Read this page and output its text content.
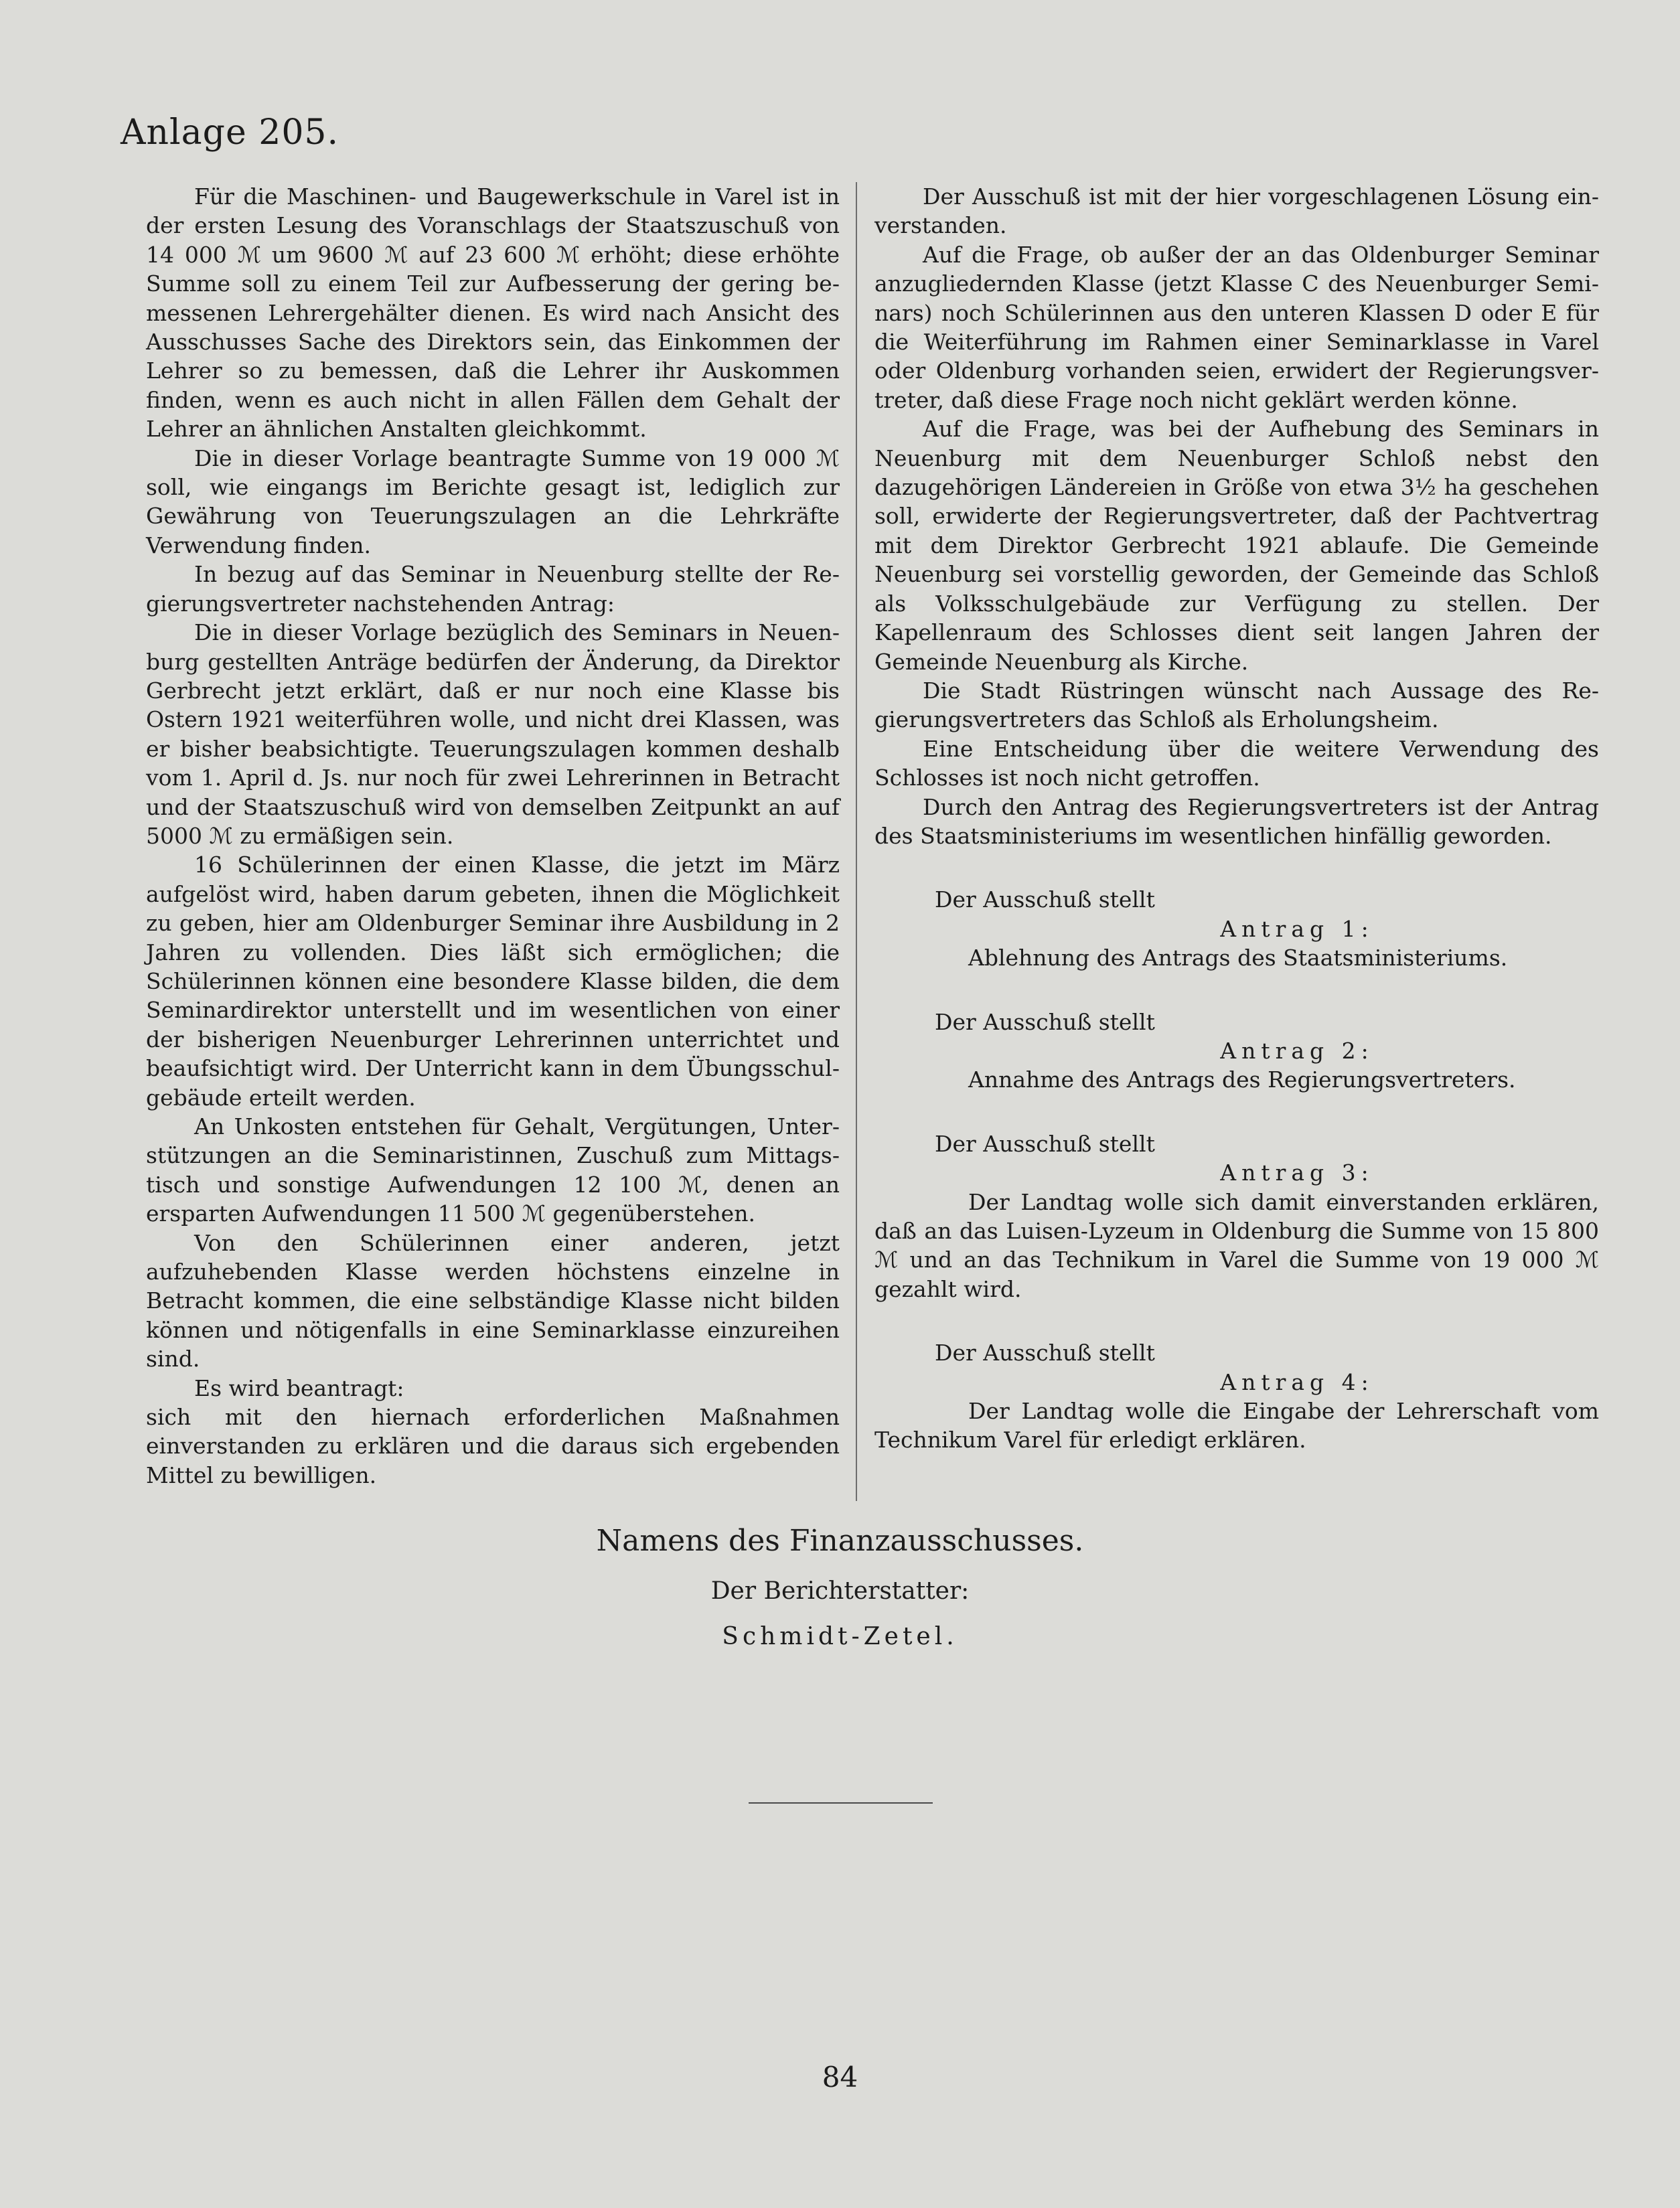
Anlage 205.

Für die Maschinen- und Baugewerkschule in Varel ist in der ersten Lesung des Voranschlags der Staatszuschuß von 14 000 ℳ um 9600 ℳ auf 23 600 ℳ erhöht; diese erhöhte Summe soll zu einem Teil zur Aufbesserung der gering bemessenen Lehrergehälter dienen. Es wird nach Ansicht des Ausschusses Sache des Direktors sein, das Einkommen der Lehrer so zu bemessen, daß die Lehrer ihr Auskommen finden, wenn es auch nicht in allen Fällen dem Gehalt der Lehrer an ähnlichen Anstalten gleichkommt.

Die in dieser Vorlage beantragte Summe von 19 000 ℳ soll, wie eingangs im Berichte gesagt ist, lediglich zur Gewährung von Teuerungszulagen an die Lehrkräfte Verwendung finden.

In bezug auf das Seminar in Neuenburg stellte der Regierungsvertreter nachstehenden Antrag:

Die in dieser Vorlage bezüglich des Seminars in Neuenburg gestellten Anträge bedürfen der Änderung, da Direktor Gerbrecht jetzt erklärt, daß er nur noch eine Klasse bis Ostern 1921 weiterführen wolle, und nicht drei Klassen, was er bisher beabsichtigte. Teuerungszulagen kommen deshalb vom 1. April d. Js. nur noch für zwei Lehrerinnen in Betracht und der Staatszuschuß wird von demselben Zeitpunkt an auf 5000 ℳ zu ermäßigen sein.

16 Schülerinnen der einen Klasse, die jetzt im März aufgelöst wird, haben darum gebeten, ihnen die Möglichkeit zu geben, hier am Oldenburger Seminar ihre Ausbildung in 2 Jahren zu vollenden. Dies läßt sich ermöglichen; die Schülerinnen können eine besondere Klasse bilden, die dem Seminardirektor unterstellt und im wesentlichen von einer der bisherigen Neuenburger Lehrerinnen unterrichtet und beaufsichtigt wird. Der Unterricht kann in dem Übungsschulgebäude erteilt werden.

An Unkosten entstehen für Gehalt, Vergütungen, Unterstützungen an die Seminaristinnen, Zuschuß zum Mittagstisch und sonstige Aufwendungen 12 100 ℳ, denen an ersparten Aufwendungen 11 500 ℳ gegenüberstehen.

Von den Schülerinnen einer anderen, jetzt aufzuhebenden Klasse werden höchstens einzelne in Betracht kommen, die eine selbständige Klasse nicht bilden können und nötigenfalls in eine Seminarklasse einzureihen sind.

Es wird beantragt:

sich mit den hiernach erforderlichen Maßnahmen einverstanden zu erklären und die daraus sich ergebenden Mittel zu bewilligen.

Der Ausschuß ist mit der hier vorgeschlagenen Lösung einverstanden.

Auf die Frage, ob außer der an das Oldenburger Seminar anzugliedernden Klasse (jetzt Klasse C des Neuenburger Seminars) noch Schülerinnen aus den unteren Klassen D oder E für die Weiterführung im Rahmen einer Seminarklasse in Varel oder Oldenburg vorhanden seien, erwidert der Regierungsvertreter, daß diese Frage noch nicht geklärt werden könne.

Auf die Frage, was bei der Aufhebung des Seminars in Neuenburg mit dem Neuenburger Schloß nebst den dazugehörigen Ländereien in Größe von etwa 3½ ha geschehen soll, erwiderte der Regierungsvertreter, daß der Pachtvertrag mit dem Direktor Gerbrecht 1921 ablaufe. Die Gemeinde Neuenburg sei vorstellig geworden, der Gemeinde das Schloß als Volksschulgebäude zur Verfügung zu stellen. Der Kapellenraum des Schlosses dient seit langen Jahren der Gemeinde Neuenburg als Kirche.

Die Stadt Rüstringen wünscht nach Aussage des Regierungsvertreters das Schloß als Erholungsheim.

Eine Entscheidung über die weitere Verwendung des Schlosses ist noch nicht getroffen.

Durch den Antrag des Regierungsvertreters ist der Antrag des Staatsministeriums im wesentlichen hinfällig geworden.

Der Ausschuß stellt

Antrag 1:

Ablehnung des Antrags des Staatsministeriums.

Der Ausschuß stellt

Antrag 2:

Annahme des Antrags des Regierungsvertreters.

Der Ausschuß stellt

Antrag 3:

Der Landtag wolle sich damit einverstanden erklären, daß an das Luisen-Lyzeum in Oldenburg die Summe von 15 800 ℳ und an das Technikum in Varel die Summe von 19 000 ℳ gezahlt wird.

Der Ausschuß stellt

Antrag 4:

Der Landtag wolle die Eingabe der Lehrerschaft vom Technikum Varel für erledigt erklären.

Namens des Finanzausschusses.
Der Berichterstatter:
Schmidt-Zetel.
84
